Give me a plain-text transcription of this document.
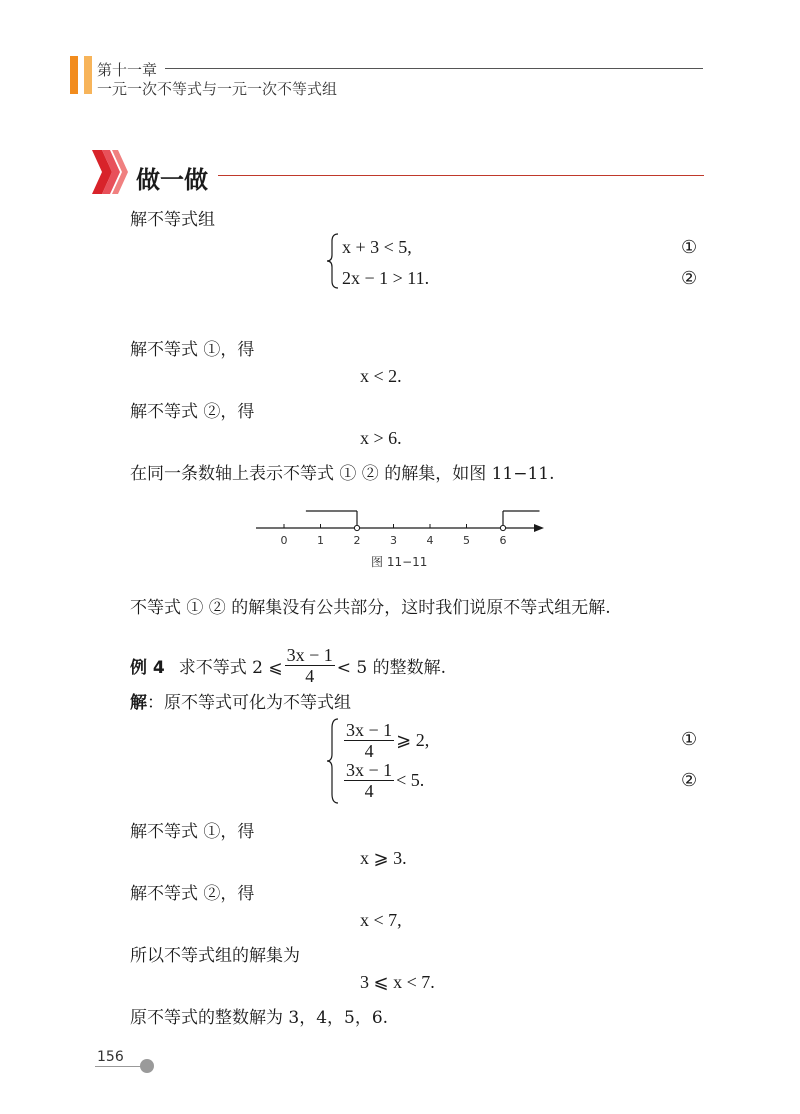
第十一章
一元一次不等式与一元一次不等式组
做一做
解不等式组
x + 3 < 5,
2x − 1 > 11.
①
②
解不等式 ①，得
x < 2.
解不等式 ②，得
x > 6.
在同一条数轴上表示不等式 ① ② 的解集，如图 11−11.
0	1	2	3	4	5	6
图 11−11
不等式 ① ② 的解集没有公共部分，这时我们说原不等式组无解.
例 4 求不等式 2 ⩽ $\frac{3x - 1}{4} < 5$ 的整数解.
解：原不等式可化为不等式组
$\frac{3x - 1}{4}$ ⩾ 2,
$\frac{3x - 1}{4} < 5$.
①
②
解不等式 ①，得
x ⩾ 3.
解不等式 ②，得
x < 7,
所以不等式组的解集为
3 ⩽ x < 7.
原不等式的整数解为 3，4，5，6.
156
